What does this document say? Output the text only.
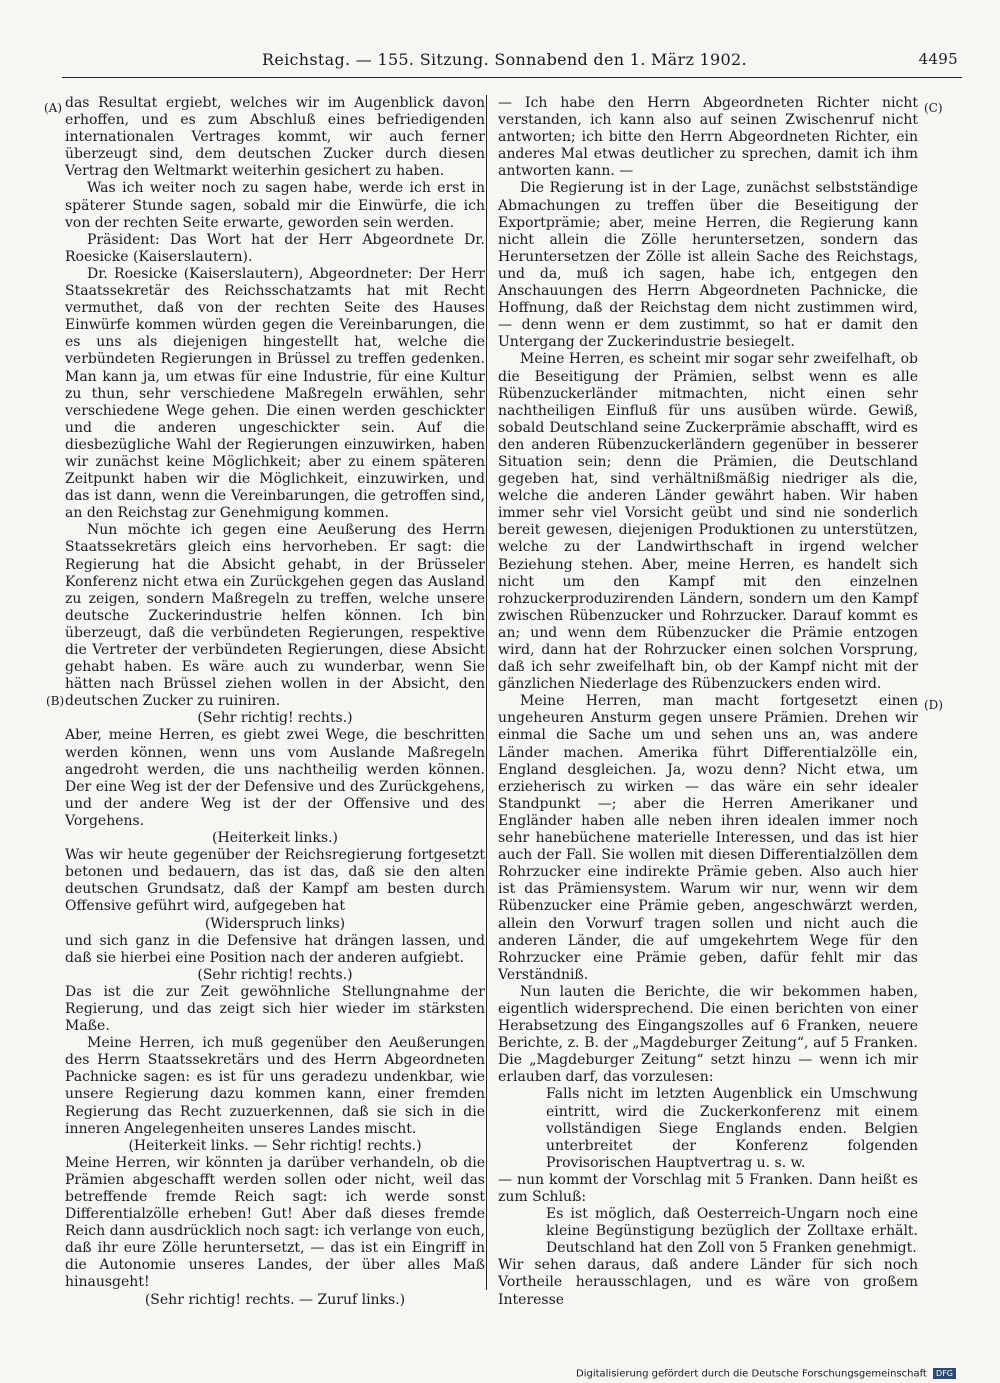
Reichstag. — 155. Sitzung. Sonnabend den 1. März 1902.	4495
(A)
(B)
(C)
(D)

das Resultat ergiebt, welches wir im Augenblick davon erhoffen, und es zum Abschluß eines befriedigenden internationalen Vertrages kommt, wir auch ferner überzeugt sind, dem deutschen Zucker durch diesen Vertrag den Weltmarkt weiterhin gesichert zu haben.

Was ich weiter noch zu sagen habe, werde ich erst in späterer Stunde sagen, sobald mir die Einwürfe, die ich von der rechten Seite erwarte, geworden sein werden.

Präsident: Das Wort hat der Herr Abgeordnete Dr. Roesicke (Kaiserslautern).

Dr. Roesicke (Kaiserslautern), Abgeordneter: Der Herr Staatssekretär des Reichsschatzamts hat mit Recht vermuthet, daß von der rechten Seite des Hauses Einwürfe kommen würden gegen die Vereinbarungen, die es uns als diejenigen hingestellt hat, welche die verbündeten Regierungen in Brüssel zu treffen gedenken. Man kann ja, um etwas für eine Industrie, für eine Kultur zu thun, sehr verschiedene Maßregeln erwählen, sehr verschiedene Wege gehen. Die einen werden geschickter und die anderen ungeschickter sein. Auf die diesbezügliche Wahl der Regierungen einzuwirken, haben wir zunächst keine Möglichkeit; aber zu einem späteren Zeitpunkt haben wir die Möglichkeit, einzuwirken, und das ist dann, wenn die Vereinbarungen, die getroffen sind, an den Reichstag zur Genehmigung kommen.

Nun möchte ich gegen eine Aeußerung des Herrn Staatssekretärs gleich eins hervorheben. Er sagt: die Regierung hat die Absicht gehabt, in der Brüsseler Konferenz nicht etwa ein Zurückgehen gegen das Ausland zu zeigen, sondern Maßregeln zu treffen, welche unsere deutsche Zuckerindustrie helfen können. Ich bin überzeugt, daß die verbündeten Regierungen, respektive die Vertreter der verbündeten Regierungen, diese Absicht gehabt haben. Es wäre auch zu wunderbar, wenn Sie hätten nach Brüssel ziehen wollen in der Absicht, den deutschen Zucker zu ruiniren.

(Sehr richtig! rechts.)

Aber, meine Herren, es giebt zwei Wege, die beschritten werden können, wenn uns vom Auslande Maßregeln angedroht werden, die uns nachtheilig werden können. Der eine Weg ist der der Defensive und des Zurückgehens, und der andere Weg ist der der Offensive und des Vorgehens.

(Heiterkeit links.)

Was wir heute gegenüber der Reichsregierung fortgesetzt betonen und bedauern, das ist das, daß sie den alten deutschen Grundsatz, daß der Kampf am besten durch Offensive geführt wird, aufgegeben hat

(Widerspruch links)

und sich ganz in die Defensive hat drängen lassen, und daß sie hierbei eine Position nach der anderen aufgiebt.

(Sehr richtig! rechts.)

Das ist die zur Zeit gewöhnliche Stellungnahme der Regierung, und das zeigt sich hier wieder im stärksten Maße.

Meine Herren, ich muß gegenüber den Aeußerungen des Herrn Staatssekretärs und des Herrn Abgeordneten Pachnicke sagen: es ist für uns geradezu undenkbar, wie unsere Regierung dazu kommen kann, einer fremden Regierung das Recht zuzuerkennen, daß sie sich in die inneren Angelegenheiten unseres Landes mischt.

(Heiterkeit links. — Sehr richtig! rechts.)

Meine Herren, wir könnten ja darüber verhandeln, ob die Prämien abgeschafft werden sollen oder nicht, weil das betreffende fremde Reich sagt: ich werde sonst Differentialzölle erheben! Gut! Aber daß dieses fremde Reich dann ausdrücklich noch sagt: ich verlange von euch, daß ihr eure Zölle heruntersetzt, — das ist ein Eingriff in die Autonomie unseres Landes, der über alles Maß hinausgeht!

(Sehr richtig! rechts. — Zuruf links.)

— Ich habe den Herrn Abgeordneten Richter nicht verstanden, ich kann also auf seinen Zwischenruf nicht antworten; ich bitte den Herrn Abgeordneten Richter, ein anderes Mal etwas deutlicher zu sprechen, damit ich ihm antworten kann. —

Die Regierung ist in der Lage, zunächst selbstständige Abmachungen zu treffen über die Beseitigung der Exportprämie; aber, meine Herren, die Regierung kann nicht allein die Zölle heruntersetzen, sondern das Heruntersetzen der Zölle ist allein Sache des Reichstags, und da, muß ich sagen, habe ich, entgegen den Anschauungen des Herrn Abgeordneten Pachnicke, die Hoffnung, daß der Reichstag dem nicht zustimmen wird, — denn wenn er dem zustimmt, so hat er damit den Untergang der Zuckerindustrie besiegelt.

Meine Herren, es scheint mir sogar sehr zweifelhaft, ob die Beseitigung der Prämien, selbst wenn es alle Rübenzuckerländer mitmachten, nicht einen sehr nachtheiligen Einfluß für uns ausüben würde. Gewiß, sobald Deutschland seine Zuckerprämie abschafft, wird es den anderen Rübenzuckerländern gegenüber in besserer Situation sein; denn die Prämien, die Deutschland gegeben hat, sind verhältnißmäßig niedriger als die, welche die anderen Länder gewährt haben. Wir haben immer sehr viel Vorsicht geübt und sind nie sonderlich bereit gewesen, diejenigen Produktionen zu unterstützen, welche zu der Landwirthschaft in irgend welcher Beziehung stehen. Aber, meine Herren, es handelt sich nicht um den Kampf mit den einzelnen rohzuckerproduzirenden Ländern, sondern um den Kampf zwischen Rübenzucker und Rohrzucker. Darauf kommt es an; und wenn dem Rübenzucker die Prämie entzogen wird, dann hat der Rohrzucker einen solchen Vorsprung, daß ich sehr zweifelhaft bin, ob der Kampf nicht mit der gänzlichen Niederlage des Rübenzuckers enden wird.

Meine Herren, man macht fortgesetzt einen ungeheuren Ansturm gegen unsere Prämien. Drehen wir einmal die Sache um und sehen uns an, was andere Länder machen. Amerika führt Differentialzölle ein, England desgleichen. Ja, wozu denn? Nicht etwa, um erzieherisch zu wirken — das wäre ein sehr idealer Standpunkt —; aber die Herren Amerikaner und Engländer haben alle neben ihren idealen immer noch sehr hanebüchene materielle Interessen, und das ist hier auch der Fall. Sie wollen mit diesen Differentialzöllen dem Rohrzucker eine indirekte Prämie geben. Also auch hier ist das Prämiensystem. Warum wir nur, wenn wir dem Rübenzucker eine Prämie geben, angeschwärzt werden, allein den Vorwurf tragen sollen und nicht auch die anderen Länder, die auf umgekehrtem Wege für den Rohrzucker eine Prämie geben, dafür fehlt mir das Verständniß.

Nun lauten die Berichte, die wir bekommen haben, eigentlich widersprechend. Die einen berichten von einer Herabsetzung des Eingangszolles auf 6 Franken, neuere Berichte, z. B. der „Magdeburger Zeitung“, auf 5 Franken. Die „Magdeburger Zeitung“ setzt hinzu — wenn ich mir erlauben darf, das vorzulesen:

Falls nicht im letzten Augenblick ein Umschwung eintritt, wird die Zuckerkonferenz mit einem vollständigen Siege Englands enden. Belgien unterbreitet der Konferenz folgenden Provisorischen Hauptvertrag u. s. w.

— nun kommt der Vorschlag mit 5 Franken. Dann heißt es zum Schluß:

Es ist möglich, daß Oesterreich-Ungarn noch eine kleine Begünstigung bezüglich der Zolltaxe erhält. Deutschland hat den Zoll von 5 Franken genehmigt.

Wir sehen daraus, daß andere Länder für sich noch Vortheile herausschlagen, und es wäre von großem Interesse

Digitalisierung gefördert durch die Deutsche Forschungsgemeinschaft DFG
